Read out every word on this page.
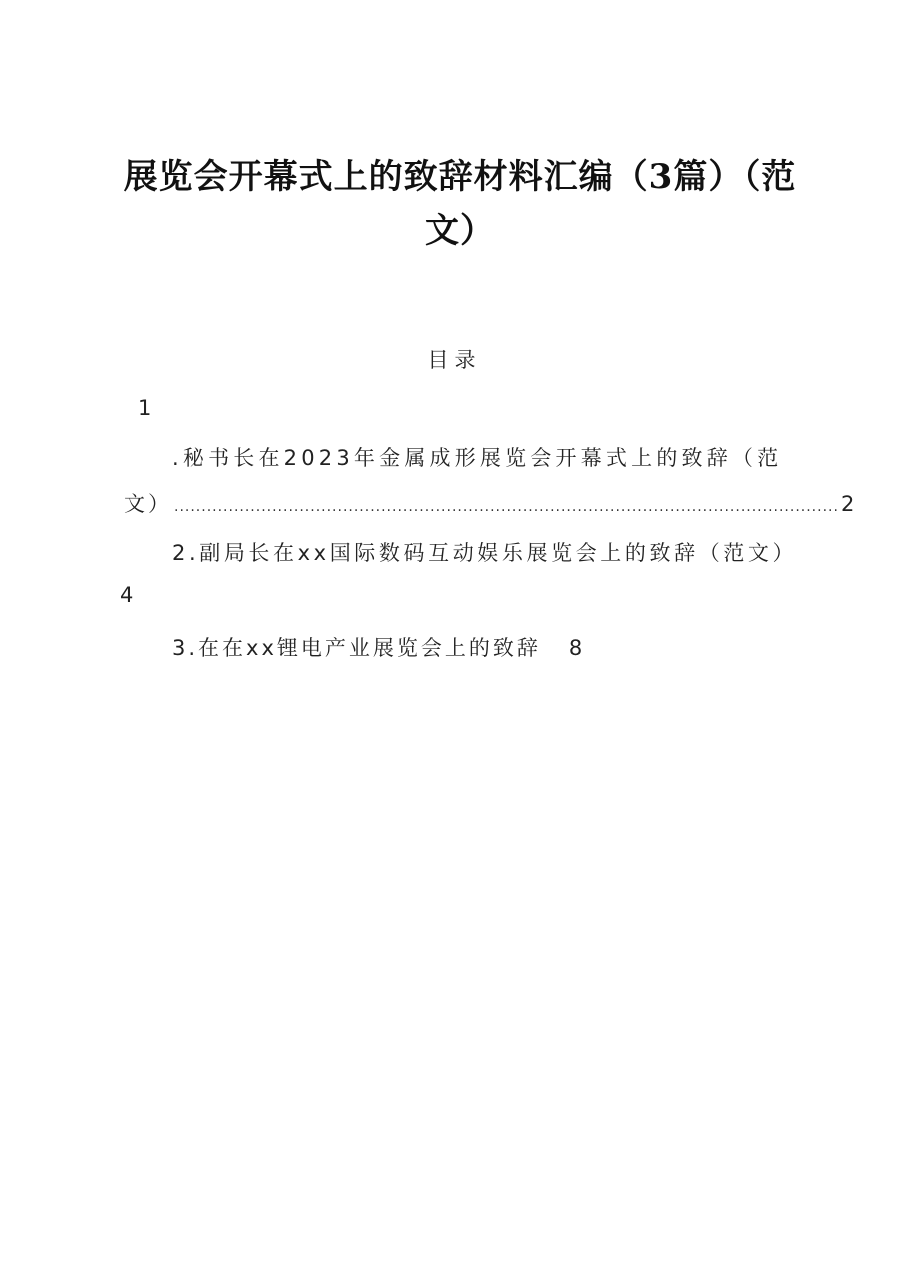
展览会开幕式上的致辞材料汇编（3篇）（范
文）
目录
1
.秘书长在2023年金属成形展览会开幕式上的致辞（范
文） .......................................................................................................................... 2
2.副局长在xx国际数码互动娱乐展览会上的致辞（范文）
4
3.在在xx锂电产业展览会上的致辞 8
